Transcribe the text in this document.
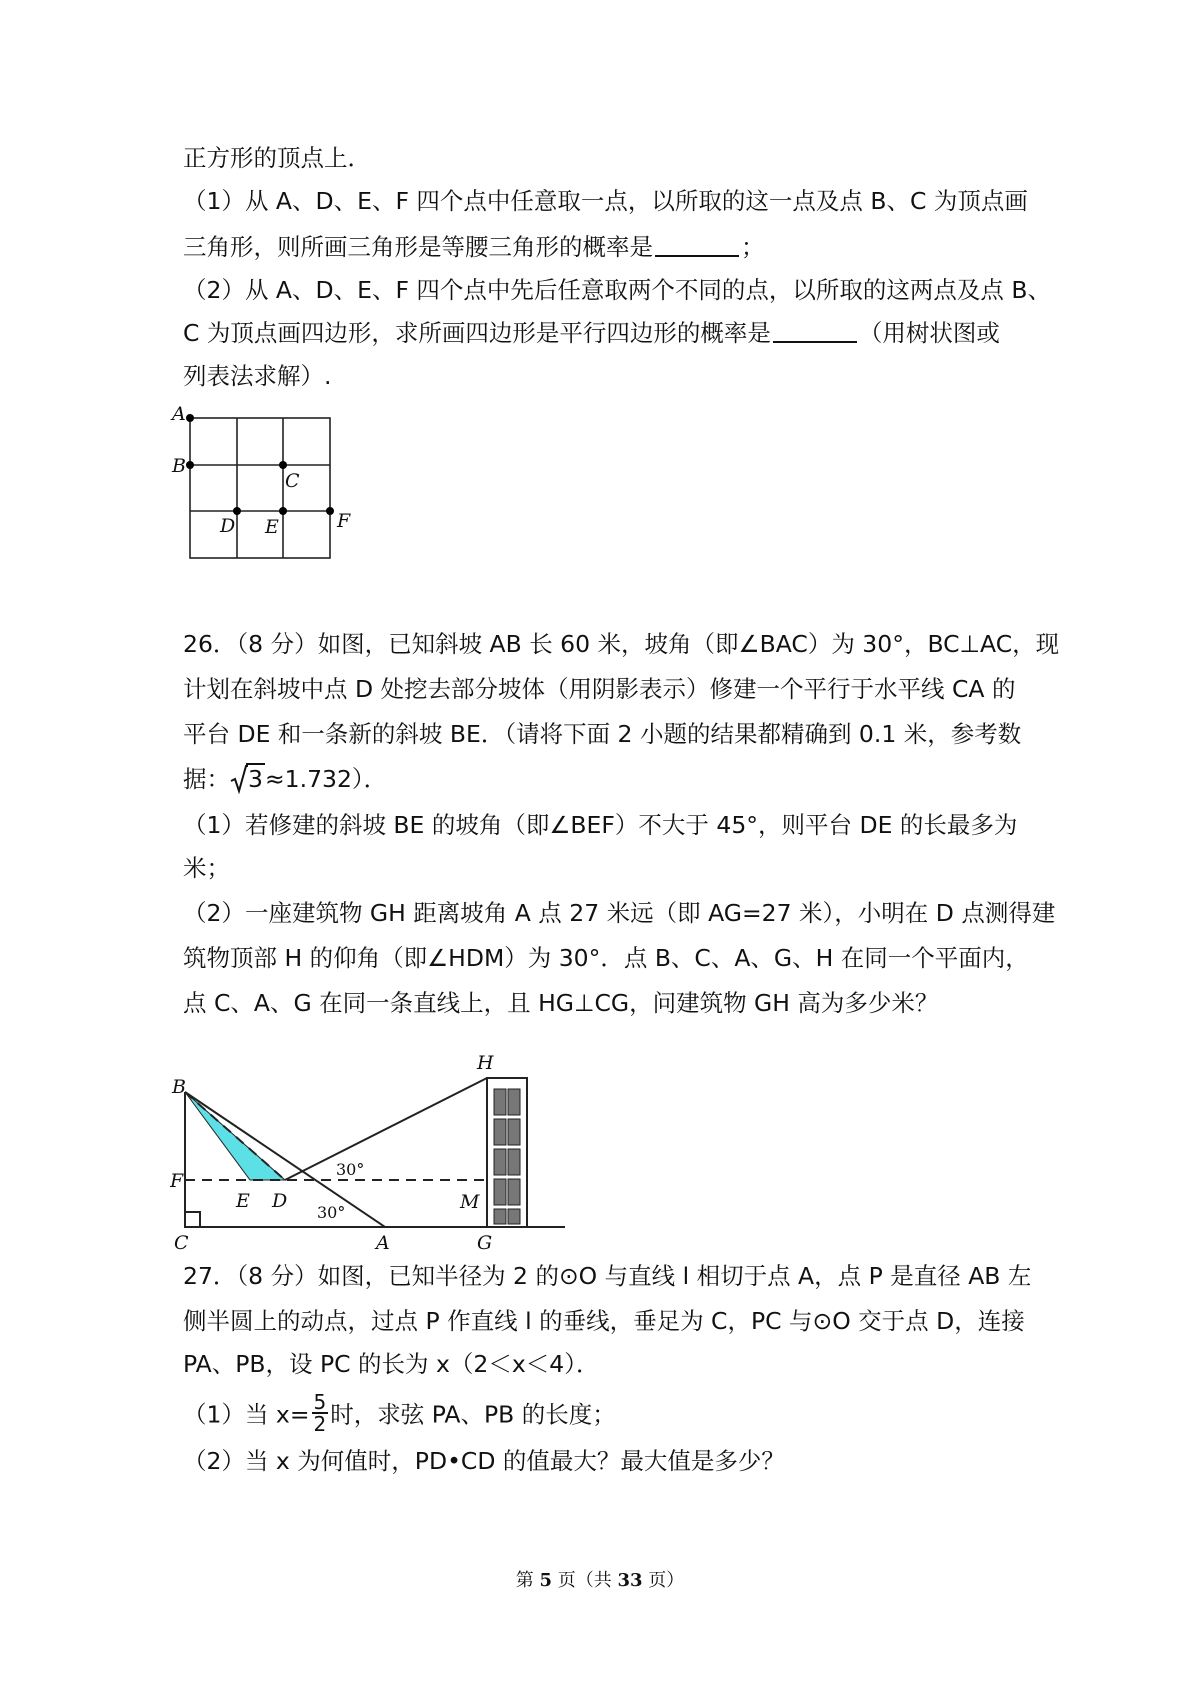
正方形的顶点上．
（1）从 A、D、E、F 四个点中任意取一点，以所取的这一点及点 B、C 为顶点画
三角形，则所画三角形是等腰三角形的概率是	；
（2）从 A、D、E、F 四个点中先后任意取两个不同的点，以所取的这两点及点 B、
C 为顶点画四边形，求所画四边形是平行四边形的概率是	（用树状图或
列表法求解）.
A
B
C
D E	F
26．（8 分）如图，已知斜坡 AB 长 60 米，坡角（即∠BAC）为 30°，BC⊥AC，现
计划在斜坡中点 D 处挖去部分坡体（用阴影表示）修建一个平行于水平线 CA 的
平台 DE 和一条新的斜坡 BE．（请将下面 2 小题的结果都精确到 0.1 米，参考数
据： 3≈1.732）．
（1）若修建的斜坡 BE 的坡角（即∠BEF）不大于 45°，则平台 DE 的长最多为
米；
（2）一座建筑物 GH 距离坡角 A 点 27 米远（即 AG=27 米），小明在 D 点测得建
筑物顶部 H 的仰角（即∠HDM）为 30°．点 B、C、A、G、H 在同一个平面内，
点 C、A、G 在同一条直线上，且 HG⊥CG，问建筑物 GH 高为多少米？
H
B
F
E D	M
C	A	G
30°
30°
27．（8 分）如图，已知半径为 2 的⊙O 与直线 l 相切于点 A，点 P 是直径 AB 左
侧半圆上的动点，过点 P 作直线 l 的垂线，垂足为 C，PC 与⊙O 交于点 D，连接
PA、PB，设 PC 的长为 x（2＜x＜4）．
（1）当 $x= \frac{5}{2}$ 时，求弦 PA、PB 的长度；
（2）当 x 为何值时，PD•CD 的值最大？最大值是多少？
第 5 页（共 33 页）
